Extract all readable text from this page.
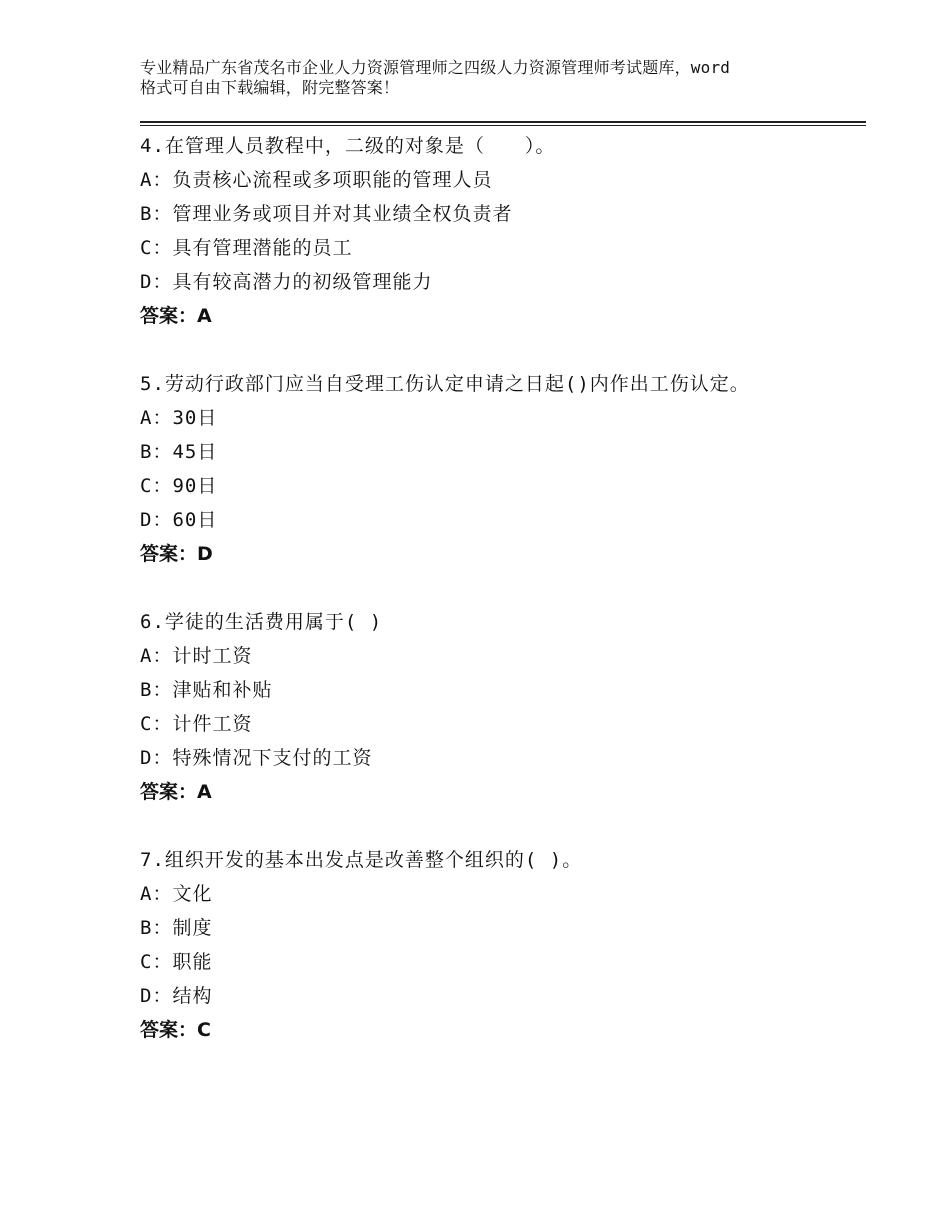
专业精品广东省茂名市企业人力资源管理师之四级人力资源管理师考试题库，word
格式可自由下载编辑，附完整答案！
4.在管理人员教程中，二级的对象是（　　）。
A：负责核心流程或多项职能的管理人员
B：管理业务或项目并对其业绩全权负责者
C：具有管理潜能的员工
D：具有较高潜力的初级管理能力
答案：A
5.劳动行政部门应当自受理工伤认定申请之日起()内作出工伤认定。
A：30日
B：45日
C：90日
D：60日
答案：D
6.学徒的生活费用属于( )
A：计时工资
B：津贴和补贴
C：计件工资
D：特殊情况下支付的工资
答案：A
7.组织开发的基本出发点是改善整个组织的( )。
A：文化
B：制度
C：职能
D：结构
答案：C
